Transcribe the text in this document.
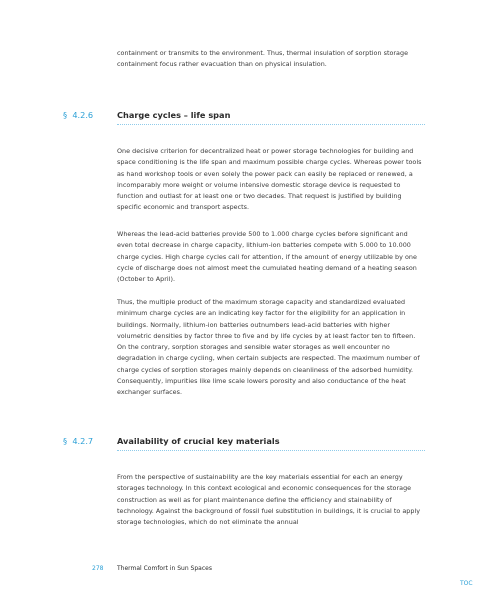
containment or transmits to the environment. Thus, thermal insulation of sorption storage containment focus rather evacuation than on physical insulation.

§ 4.2.6	Charge cycles – life span

One decisive criterion for decentralized heat or power storage technologies for building and space conditioning is the life span and maximum possible charge cycles. Whereas power tools as hand workshop tools or even solely the power pack can easily be replaced or renewed, a incomparably more weight or volume intensive domestic storage device is requested to function and outlast for at least one or two decades. That request is justified by building specific economic and transport aspects.

Whereas the lead-acid batteries provide 500 to 1.000 charge cycles before significant and even total decrease in charge capacity, lithium-ion batteries compete with 5.000 to 10.000 charge cycles. High charge cycles call for attention, if the amount of energy utilizable by one cycle of discharge does not almost meet the cumulated heating demand of a heating season (October to April).

Thus, the multiple product of the maximum storage capacity and standardized evaluated minimum charge cycles are an indicating key factor for the eligibility for an application in buildings. Normally, lithium-ion batteries outnumbers lead-acid batteries with higher volumetric densities by factor three to five and by life cycles by at least factor ten to fifteen. On the contrary, sorption storages and sensible water storages as well encounter no degradation in charge cycling, when certain subjects are respected. The maximum number of charge cycles of sorption storages mainly depends on cleanliness of the adsorbed humidity. Consequently, impurities like lime scale lowers porosity and also conductance of the heat exchanger surfaces.

§ 4.2.7	Availability of crucial key materials

From the perspective of sustainability are the key materials essential for each an energy storages technology. In this context ecological and economic consequences for the storage construction as well as for plant maintenance define the efficiency and stainability of technology. Against the background of fossil fuel substitution in buildings, it is crucial to apply storage technologies, which do not eliminate the annual

278 Thermal Comfort in Sun Spaces
TOC
